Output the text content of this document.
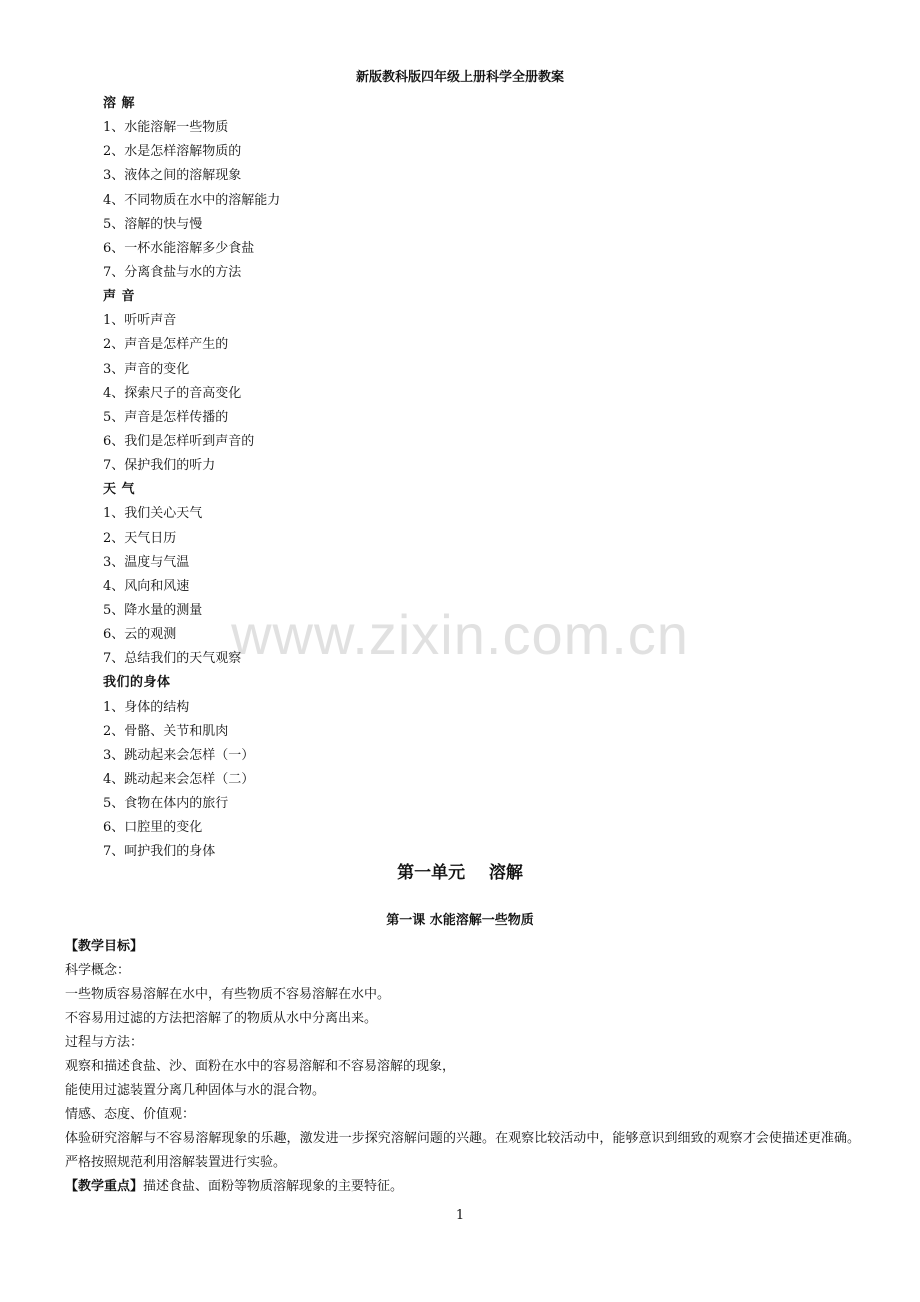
www.zixin.com.cn
新版教科版四年级上册科学全册教案
溶 解
1、水能溶解一些物质
2、水是怎样溶解物质的
3、液体之间的溶解现象
4、不同物质在水中的溶解能力
5、溶解的快与慢
6、一杯水能溶解多少食盐
7、分离食盐与水的方法
声 音
1、听听声音
2、声音是怎样产生的
3、声音的变化
4、探索尺子的音高变化
5、声音是怎样传播的
6、我们是怎样听到声音的
7、保护我们的听力
天 气
1、我们关心天气
2、天气日历
3、温度与气温
4、风向和风速
5、降水量的测量
6、云的观测
7、总结我们的天气观察
我们的身体
1、身体的结构
2、骨骼、关节和肌肉
3、跳动起来会怎样（一）
4、跳动起来会怎样（二）
5、食物在体内的旅行
6、口腔里的变化
7、呵护我们的身体
第一单元    溶解
第一课 水能溶解一些物质
【教学目标】
科学概念：
一些物质容易溶解在水中，有些物质不容易溶解在水中。
不容易用过滤的方法把溶解了的物质从水中分离出来。
过程与方法：
观察和描述食盐、沙、面粉在水中的容易溶解和不容易溶解的现象，
能使用过滤装置分离几种固体与水的混合物。
情感、态度、价值观：
体验研究溶解与不容易溶解现象的乐趣，激发进一步探究溶解问题的兴趣。在观察比较活动中，能够意识到细致的观察才会使描述更准确。严格按照规范利用溶解装置进行实验。
【教学重点】描述食盐、面粉等物质溶解现象的主要特征。
1
